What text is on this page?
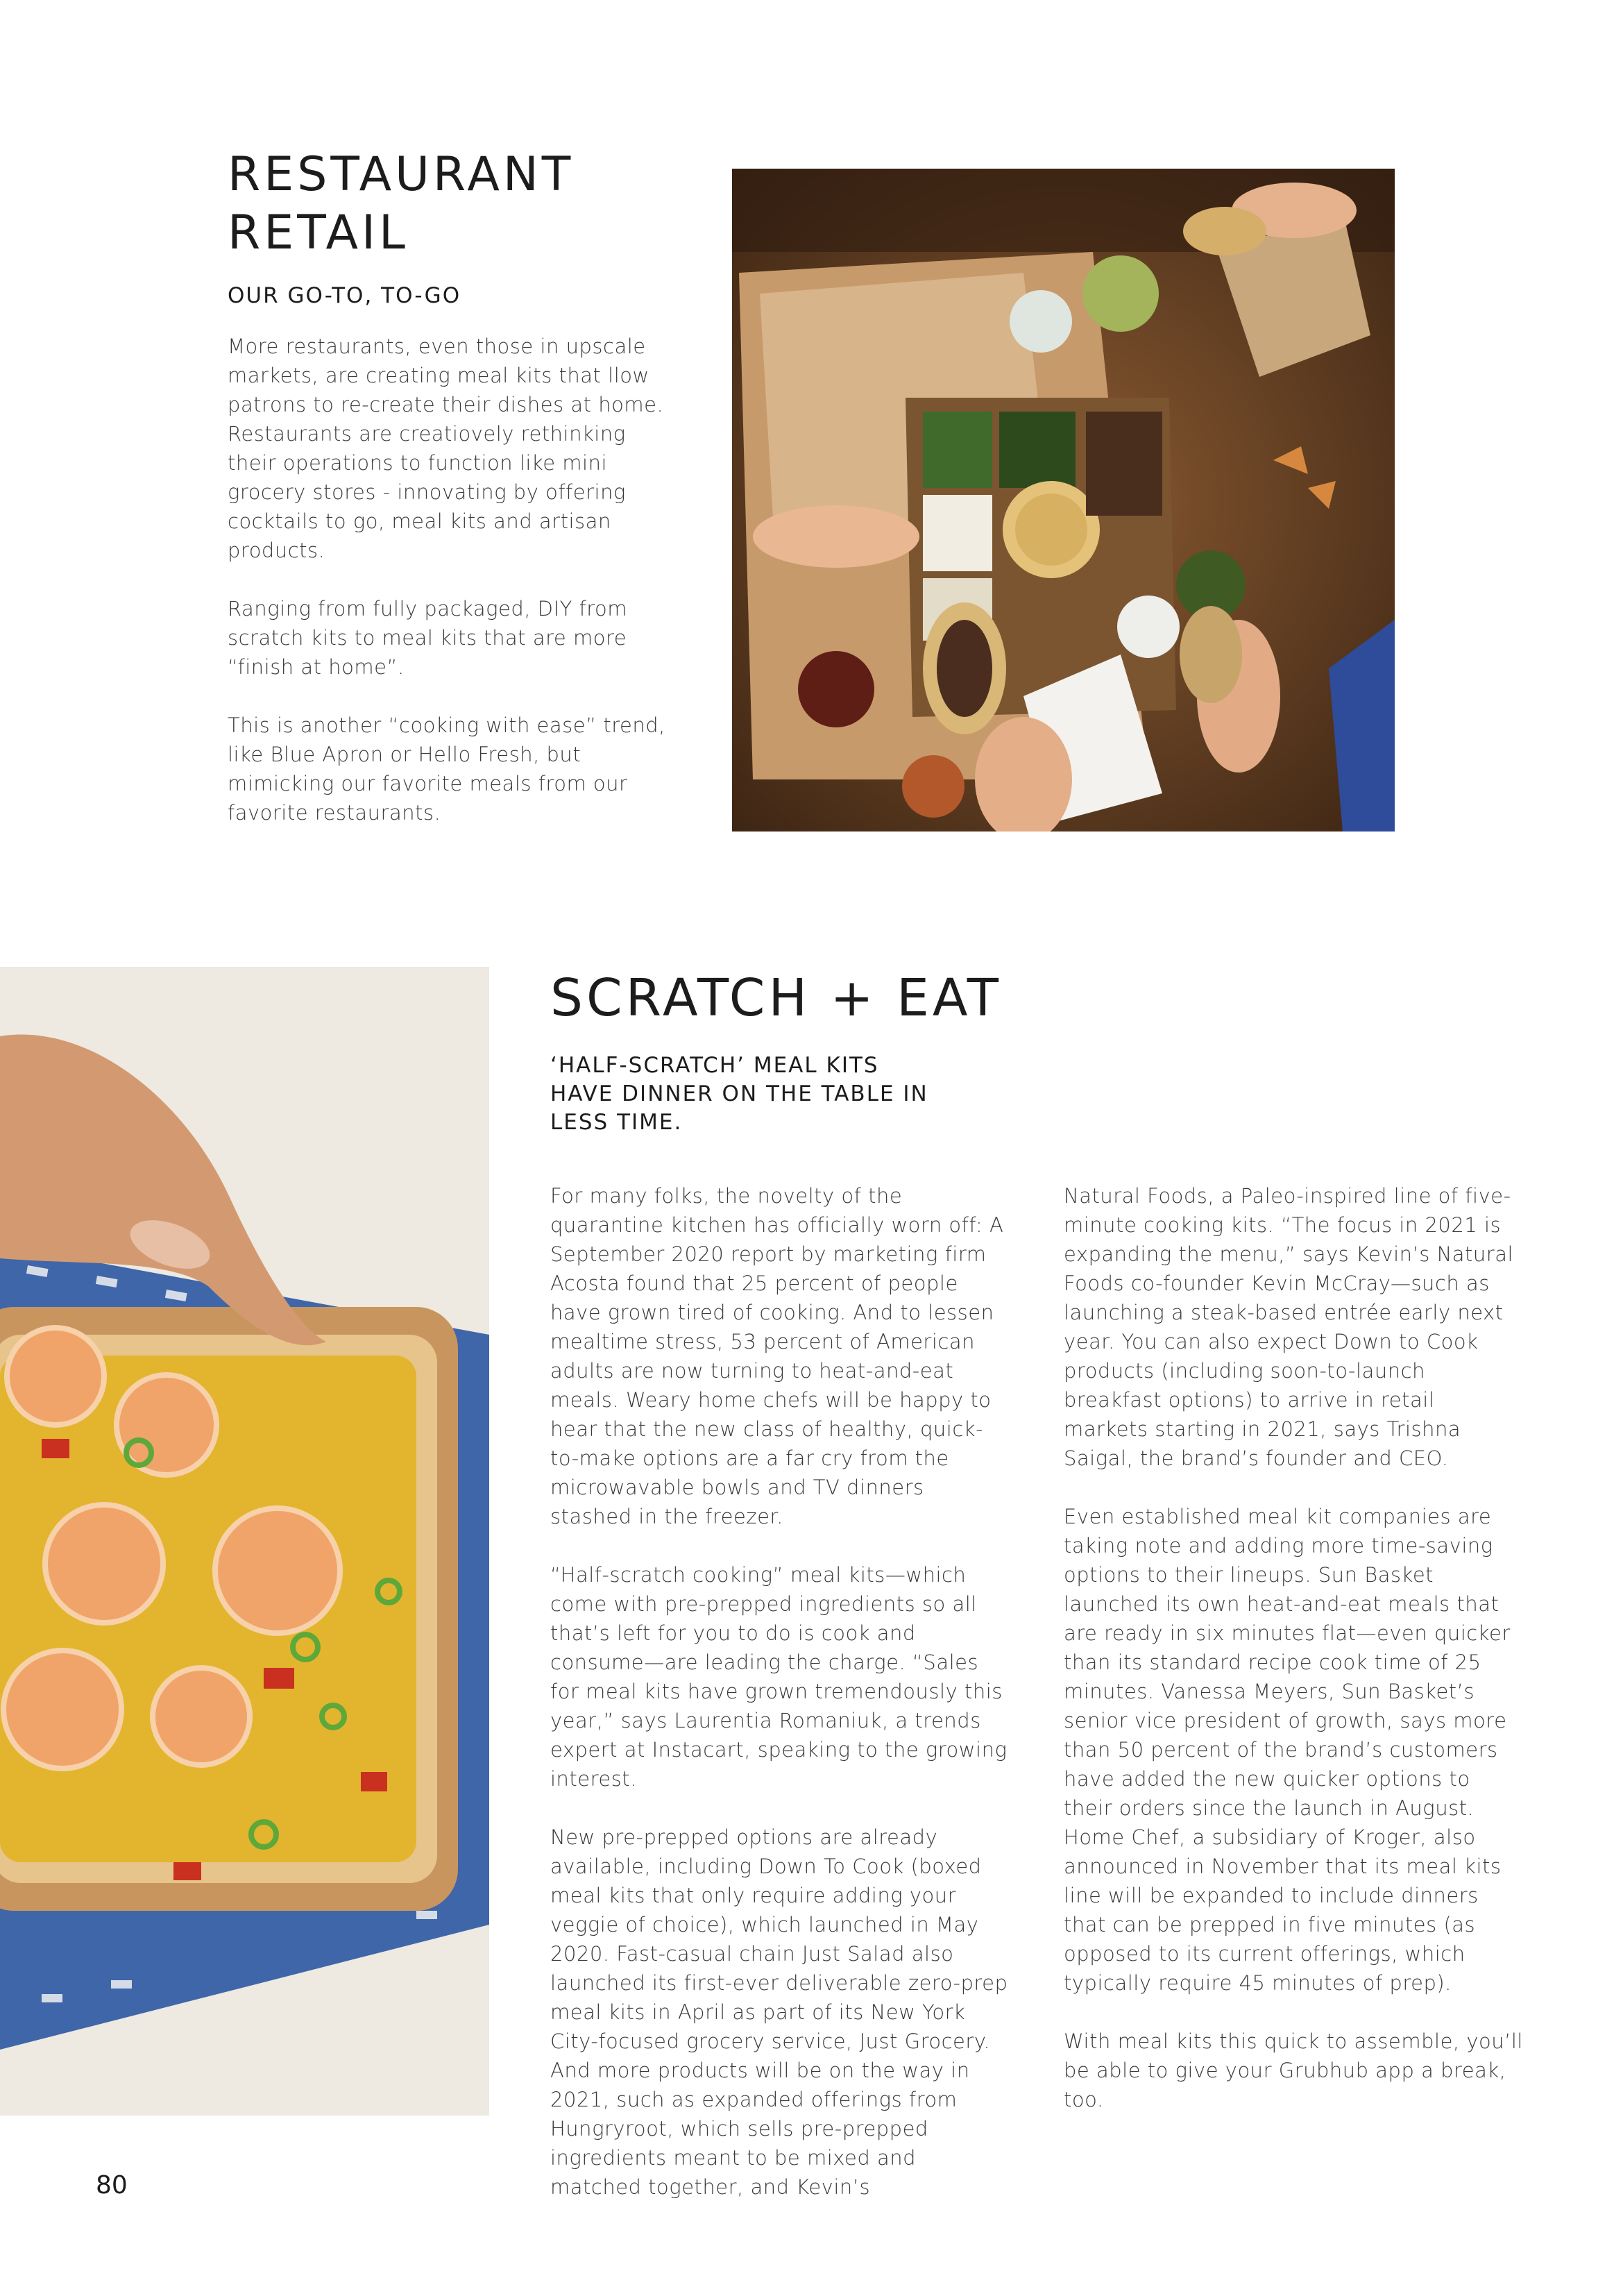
RESTAURANT
RETAIL
OUR GO-TO, TO-GO

More restaurants, even those in upscale markets, are creating meal kits that llow patrons to re-create their dishes at home. Restaurants are creatiovely rethinking their operations to function like mini grocery stores - innovating by offering cocktails to go, meal kits and artisan products.

Ranging from fully packaged, DIY from scratch kits to meal kits that are more “finish at home”.

This is another “cooking with ease” trend, like Blue Apron or Hello Fresh, but mimicking our favorite meals from our favorite restaurants.

SCRATCH + EAT
‘HALF-SCRATCH’ MEAL KITS
HAVE DINNER ON THE TABLE IN
LESS TIME.

For many folks, the novelty of the quarantine kitchen has officially worn off: A September 2020 report by marketing firm Acosta found that 25 percent of people have grown tired of cooking. And to lessen mealtime stress, 53 percent of American adults are now turning to heat-and-eat meals. Weary home chefs will be happy to hear that the new class of healthy, quick-to-make options are a far cry from the microwavable bowls and TV dinners stashed in the freezer.

“Half-scratch cooking” meal kits—which come with pre-prepped ingredients so all that’s left for you to do is cook and consume—are leading the charge. “Sales for meal kits have grown tremendously this year,” says Laurentia Romaniuk, a trends expert at Instacart, speaking to the growing interest.

New pre-prepped options are already available, including Down To Cook (boxed meal kits that only require adding your veggie of choice), which launched in May 2020. Fast-casual chain Just Salad also launched its first-ever deliverable zero-prep meal kits in April as part of its New York City-focused grocery service, Just Grocery. And more products will be on the way in 2021, such as expanded offerings from Hungryroot, which sells pre-prepped ingredients meant to be mixed and matched together, and Kevin’s

Natural Foods, a Paleo-inspired line of five-minute cooking kits. “The focus in 2021 is expanding the menu,” says Kevin’s Natural Foods co-founder Kevin McCray—such as launching a steak-based entrée early next year. You can also expect Down to Cook products (including soon-to-launch breakfast options) to arrive in retail markets starting in 2021, says Trishna Saigal, the brand’s founder and CEO.

Even established meal kit companies are taking note and adding more time-saving options to their lineups. Sun Basket launched its own heat-and-eat meals that are ready in six minutes flat—even quicker than its standard recipe cook time of 25 minutes. Vanessa Meyers, Sun Basket’s senior vice president of growth, says more than 50 percent of the brand’s customers have added the new quicker options to their orders since the launch in August. Home Chef, a subsidiary of Kroger, also announced in November that its meal kits line will be expanded to include dinners that can be prepped in five minutes (as opposed to its current offerings, which typically require 45 minutes of prep).

With meal kits this quick to assemble, you’ll be able to give your Grubhub app a break, too.

80
